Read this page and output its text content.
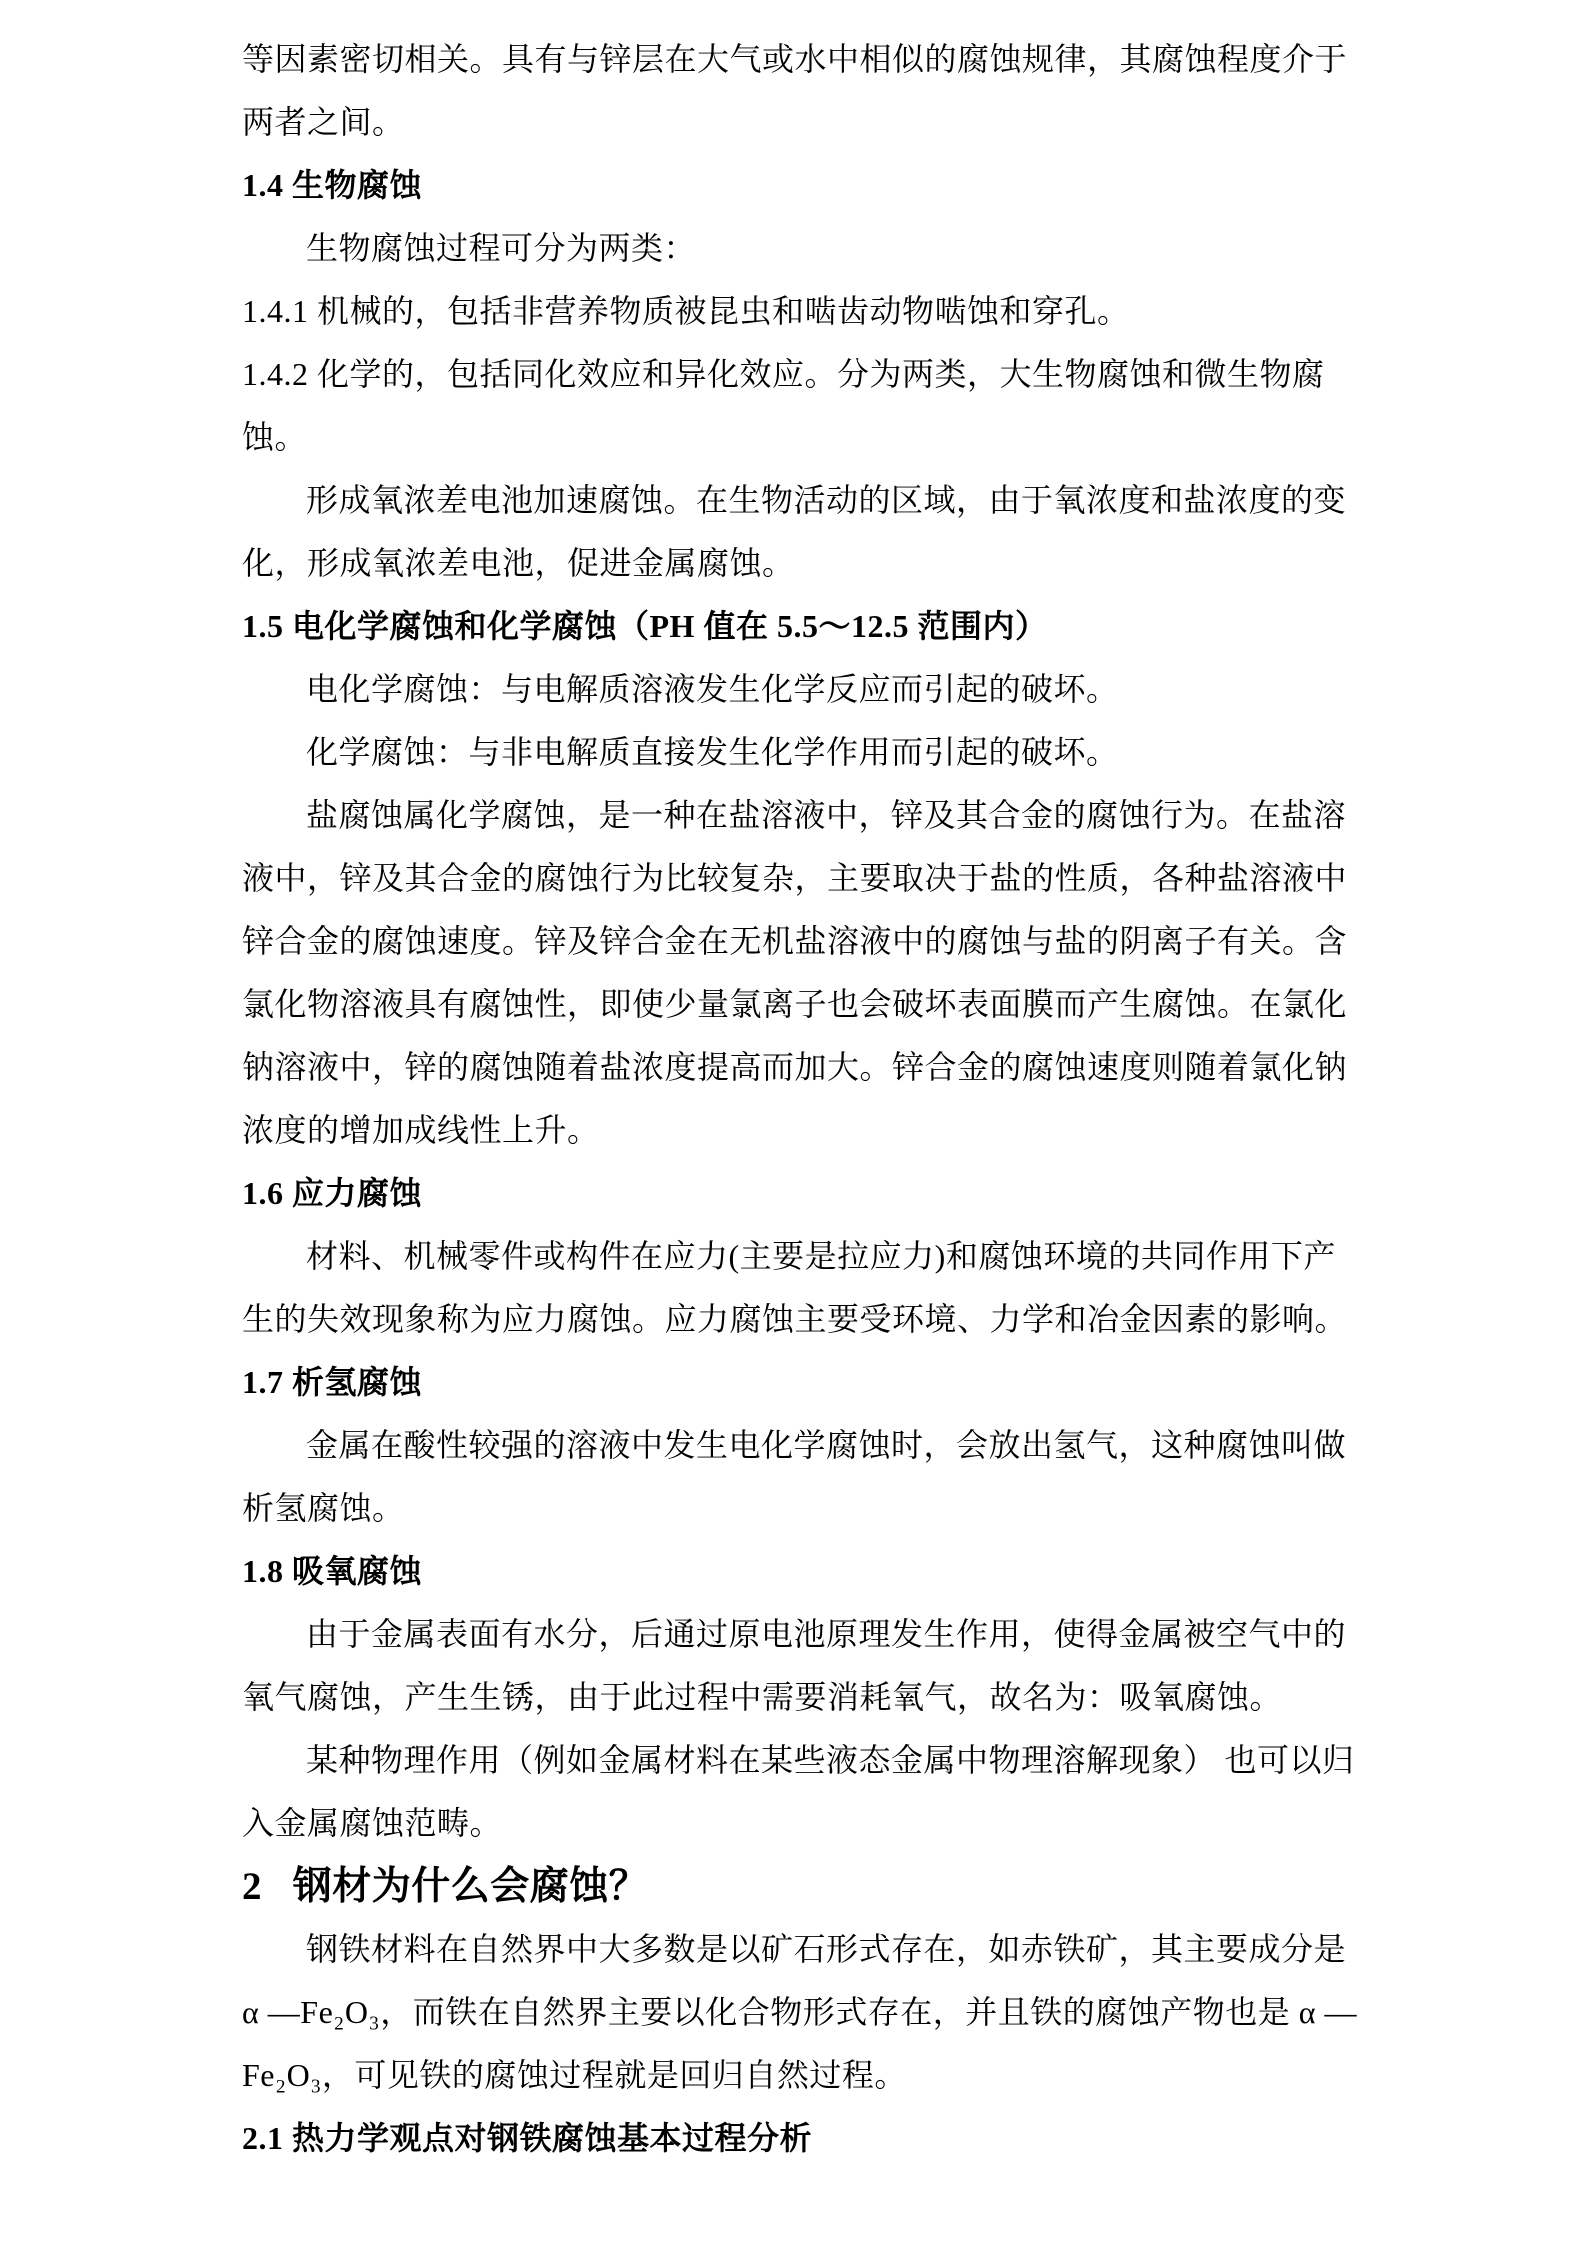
等因素密切相关。具有与锌层在大气或水中相似的腐蚀规律，其腐蚀程度介于
两者之间。
1.4 生物腐蚀
生物腐蚀过程可分为两类：
1.4.1 机械的，包括非营养物质被昆虫和啮齿动物啮蚀和穿孔。
1.4.2 化学的，包括同化效应和异化效应。分为两类，大生物腐蚀和微生物腐
蚀。
形成氧浓差电池加速腐蚀。在生物活动的区域，由于氧浓度和盐浓度的变
化，形成氧浓差电池，促进金属腐蚀。
1.5 电化学腐蚀和化学腐蚀（PH 值在 5.5～12.5 范围内）
电化学腐蚀：与电解质溶液发生化学反应而引起的破坏。
化学腐蚀：与非电解质直接发生化学作用而引起的破坏。
盐腐蚀属化学腐蚀，是一种在盐溶液中，锌及其合金的腐蚀行为。在盐溶
液中，锌及其合金的腐蚀行为比较复杂，主要取决于盐的性质，各种盐溶液中
锌合金的腐蚀速度。锌及锌合金在无机盐溶液中的腐蚀与盐的阴离子有关。含
氯化物溶液具有腐蚀性，即使少量氯离子也会破坏表面膜而产生腐蚀。在氯化
钠溶液中，锌的腐蚀随着盐浓度提高而加大。锌合金的腐蚀速度则随着氯化钠
浓度的增加成线性上升。
1.6 应力腐蚀
材料、机械零件或构件在应力(主要是拉应力)和腐蚀环境的共同作用下产
生的失效现象称为应力腐蚀。应力腐蚀主要受环境、力学和冶金因素的影响。
1.7 析氢腐蚀
金属在酸性较强的溶液中发生电化学腐蚀时，会放出氢气，这种腐蚀叫做
析氢腐蚀。
1.8 吸氧腐蚀
由于金属表面有水分，后通过原电池原理发生作用，使得金属被空气中的
氧气腐蚀，产生生锈，由于此过程中需要消耗氧气，故名为：吸氧腐蚀。
某种物理作用（例如金属材料在某些液态金属中物理溶解现象） 也可以归
入金属腐蚀范畴。
2   钢材为什么会腐蚀？
钢铁材料在自然界中大多数是以矿石形式存在，如赤铁矿，其主要成分是
α —Fe₂O₃，而铁在自然界主要以化合物形式存在，并且铁的腐蚀产物也是 α —
Fe₂O₃，可见铁的腐蚀过程就是回归自然过程。
2.1 热力学观点对钢铁腐蚀基本过程分析
